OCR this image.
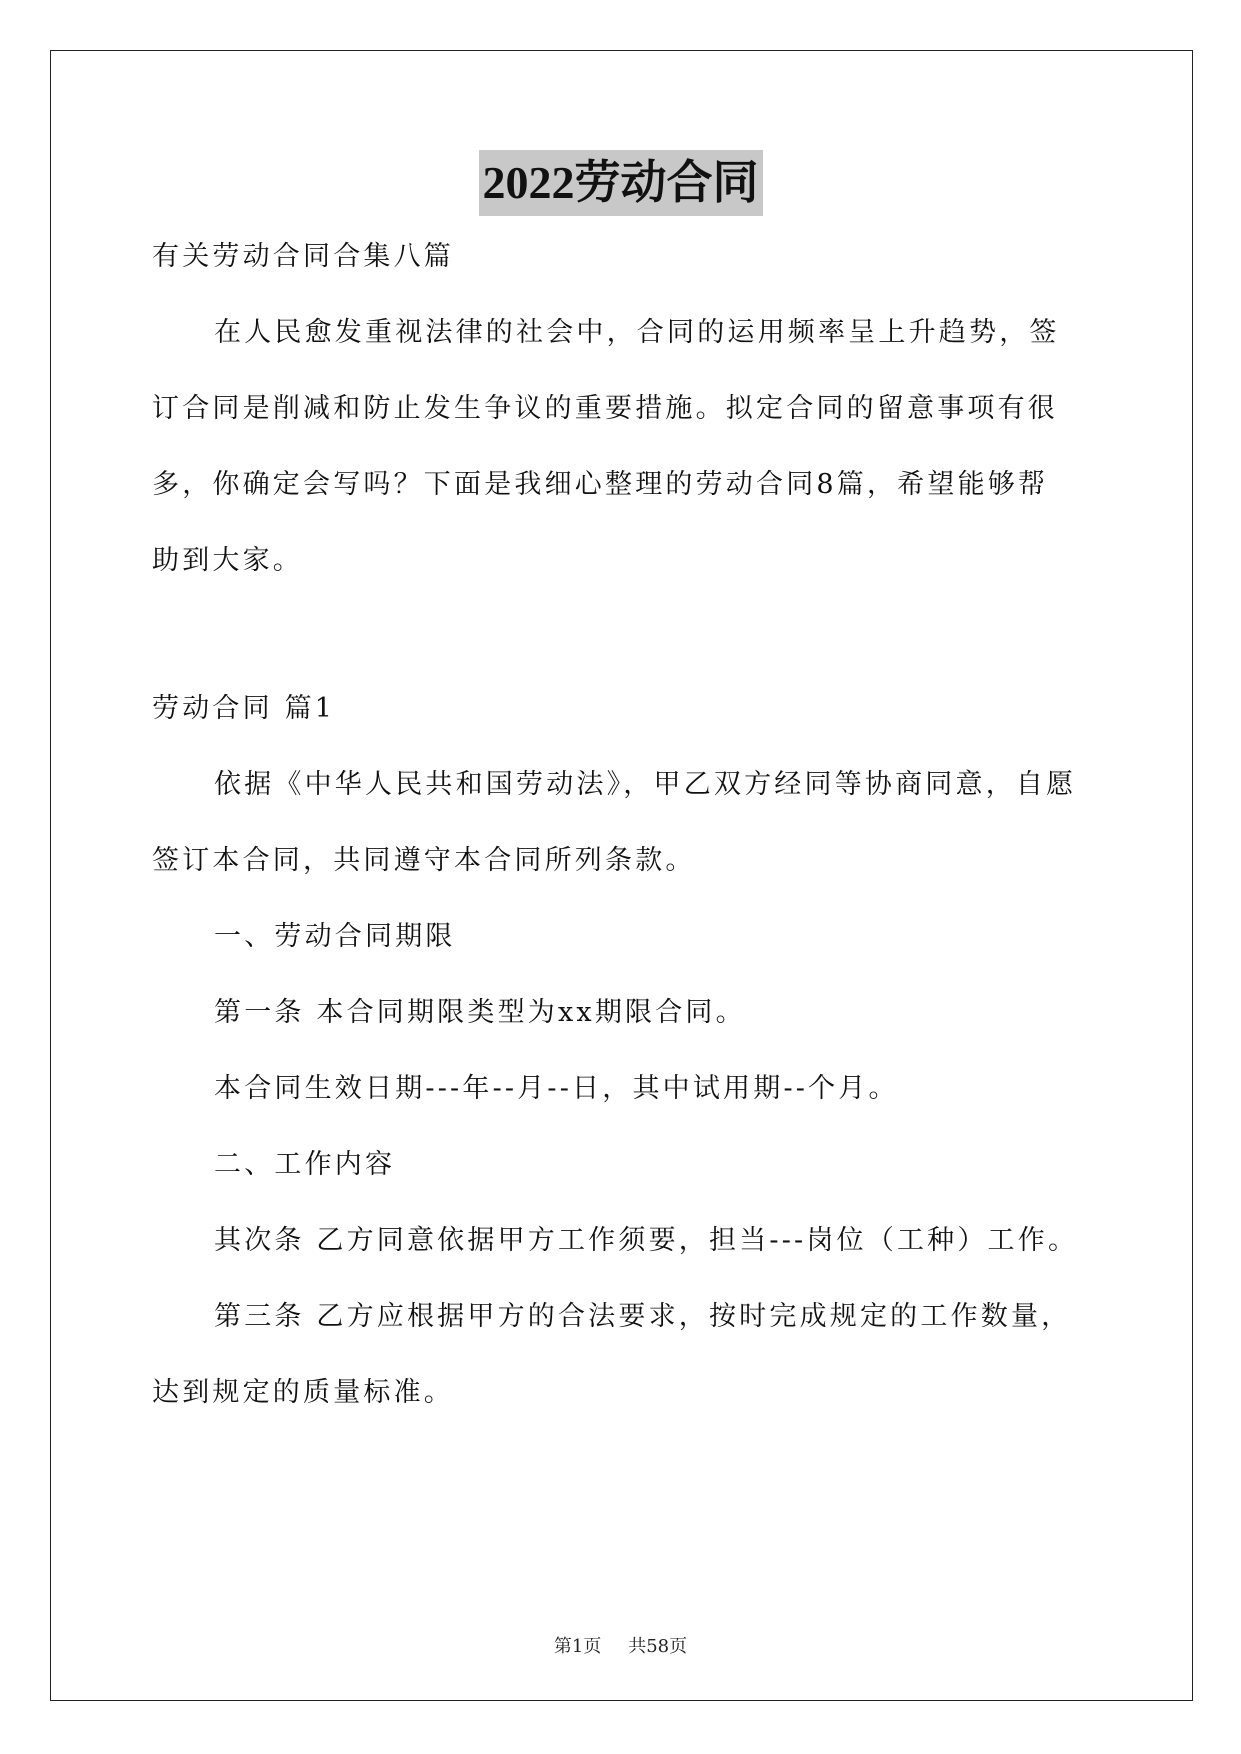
2022劳动合同
有关劳动合同合集八篇
在人民愈发重视法律的社会中，合同的运用频率呈上升趋势，签
订合同是削减和防止发生争议的重要措施。拟定合同的留意事项有很
多，你确定会写吗？下面是我细心整理的劳动合同8篇，希望能够帮
助到大家。
劳动合同 篇1
依据《中华人民共和国劳动法》，甲乙双方经同等协商同意，自愿
签订本合同，共同遵守本合同所列条款。
一、劳动合同期限
第一条 本合同期限类型为xx期限合同。
本合同生效日期---年--月--日，其中试用期--个月。
二、工作内容
其次条 乙方同意依据甲方工作须要，担当---岗位（工种）工作。
第三条 乙方应根据甲方的合法要求，按时完成规定的工作数量，
达到规定的质量标准。
第1页 共58页
